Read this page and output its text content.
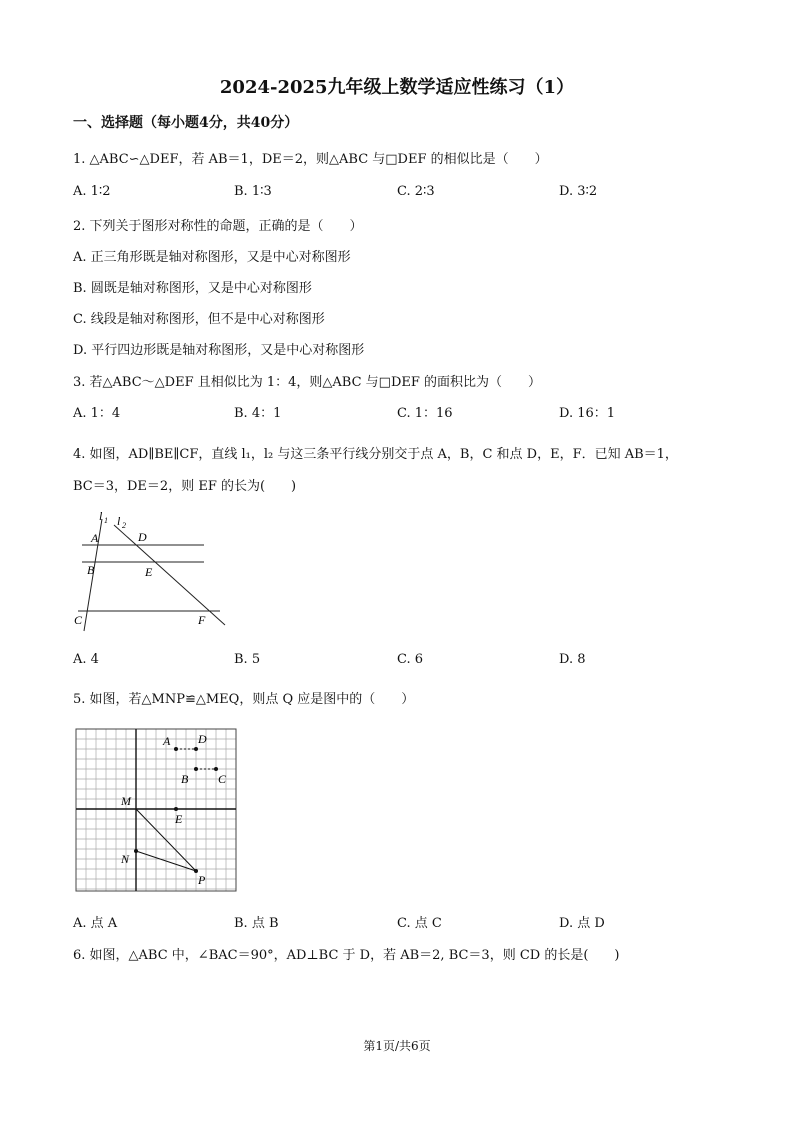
2024-2025九年级上数学适应性练习（1）
一、选择题（每小题4分，共40分）
1. △ABC∽△DEF，若 AB＝1，DE＝2，则△ABC 与□DEF 的相似比是（　　）
A. 1∶2	B. 1∶3	C. 2∶3	D. 3∶2
2. 下列关于图形对称性的命题，正确的是（　　）
A. 正三角形既是轴对称图形，又是中心对称图形
B. 圆既是轴对称图形，又是中心对称图形
C. 线段是轴对称图形，但不是中心对称图形
D. 平行四边形既是轴对称图形，又是中心对称图形
3. 若△ABC～△DEF 且相似比为 1：4，则△ABC 与□DEF 的面积比为（　　）
A. 1：4	B. 4：1	C. 1：16	D. 16：1
4. 如图，AD∥BE∥CF，直线 l₁，l₂ 与这三条平行线分别交于点 A，B，C 和点 D，E，F．已知 AB＝1，
BC＝3，DE＝2，则 EF 的长为(　　)
l 1 l 2
A	D
B	E
C	F
A. 4	B. 5	C. 6	D. 8
5. 如图，若△MNP≌△MEQ，则点 Q 应是图中的（　　）
A D
B C
M
E
N
P
A. 点 A	B. 点 B	C. 点 C	D. 点 D
6. 如图，△ABC 中，∠BAC＝90°，AD⊥BC 于 D，若 AB＝2, BC＝3，则 CD 的长是(　　)
第1页/共6页
